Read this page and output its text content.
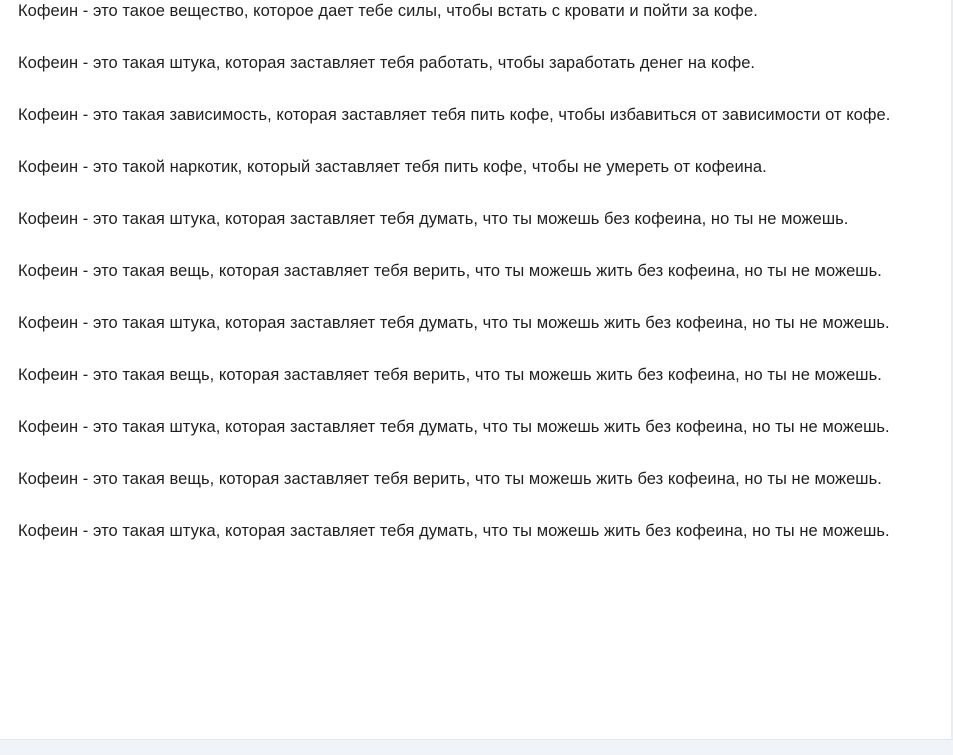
Кофеин - это такое вещество, которое дает тебе силы, чтобы встать с кровати и пойти за кофе.

Кофеин - это такая штука, которая заставляет тебя работать, чтобы заработать денег на кофе.

Кофеин - это такая зависимость, которая заставляет тебя пить кофе, чтобы избавиться от зависимости от кофе.

Кофеин - это такой наркотик, который заставляет тебя пить кофе, чтобы не умереть от кофеина.

Кофеин - это такая штука, которая заставляет тебя думать, что ты можешь без кофеина, но ты не можешь.

Кофеин - это такая вещь, которая заставляет тебя верить, что ты можешь жить без кофеина, но ты не можешь.

Кофеин - это такая штука, которая заставляет тебя думать, что ты можешь жить без кофеина, но ты не можешь.

Кофеин - это такая вещь, которая заставляет тебя верить, что ты можешь жить без кофеина, но ты не можешь.

Кофеин - это такая штука, которая заставляет тебя думать, что ты можешь жить без кофеина, но ты не можешь.

Кофеин - это такая вещь, которая заставляет тебя верить, что ты можешь жить без кофеина, но ты не можешь.

Кофеин - это такая штука, которая заставляет тебя думать, что ты можешь жить без кофеина, но ты не можешь.
